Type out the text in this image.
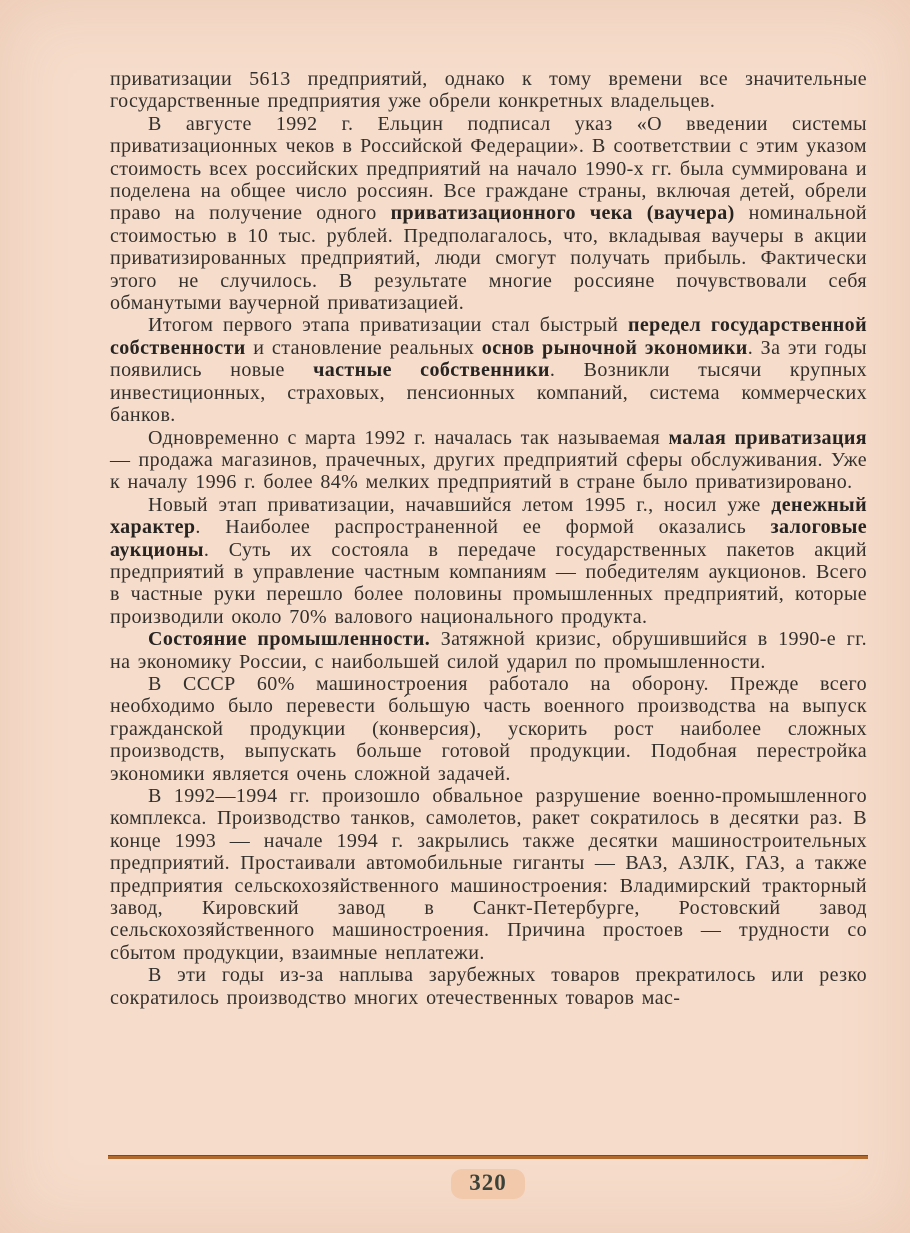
приватизации 5613 предприятий, однако к тому времени все значительные государственные предприятия уже обрели конкретных владельцев.

В августе 1992 г. Ельцин подписал указ «О введении системы приватизационных чеков в Российской Федерации». В соответствии с этим указом стоимость всех российских предприятий на начало 1990-х гг. была суммирована и поделена на общее число россиян. Все граждане страны, включая детей, обрели право на получение одного приватизационного чека (ваучера) номинальной стоимостью в 10 тыс. рублей. Предполагалось, что, вкладывая ваучеры в акции приватизированных предприятий, люди смогут получать прибыль. Фактически этого не случилось. В результате многие россияне почувствовали себя обманутыми ваучерной приватизацией.

Итогом первого этапа приватизации стал быстрый передел государственной собственности и становление реальных основ рыночной экономики. За эти годы появились новые частные собственники. Возникли тысячи крупных инвестиционных, страховых, пенсионных компаний, система коммерческих банков.

Одновременно с марта 1992 г. началась так называемая малая приватизация — продажа магазинов, прачечных, других предприятий сферы обслуживания. Уже к началу 1996 г. более 84% мелких предприятий в стране было приватизировано.

Новый этап приватизации, начавшийся летом 1995 г., носил уже денежный характер. Наиболее распространенной ее формой оказались залоговые аукционы. Суть их состояла в передаче государственных пакетов акций предприятий в управление частным компаниям — победителям аукционов. Всего в частные руки перешло более половины промышленных предприятий, которые производили около 70% валового национального продукта.

Состояние промышленности. Затяжной кризис, обрушившийся в 1990-е гг. на экономику России, с наибольшей силой ударил по промышленности.

В СССР 60% машиностроения работало на оборону. Прежде всего необходимо было перевести бо́льшую часть военного производства на выпуск гражданской продукции (конверсия), ускорить рост наиболее сложных производств, выпускать больше готовой продукции. Подобная перестройка экономики является очень сложной задачей.

В 1992—1994 гг. произошло обвальное разрушение военно-промышленного комплекса. Производство танков, самолетов, ракет сократилось в десятки раз. В конце 1993 — начале 1994 г. закрылись также десятки машиностроительных предприятий. Простаивали автомобильные гиганты — ВАЗ, АЗЛК, ГАЗ, а также предприятия сельскохозяйственного машиностроения: Владимирский тракторный завод, Кировский завод в Санкт-Петербурге, Ростовский завод сельскохозяйственного машиностроения. Причина простоев — трудности со сбытом продукции, взаимные неплатежи.

В эти годы из-за наплыва зарубежных товаров прекратилось или резко сократилось производство многих отечественных товаров мас-

320
